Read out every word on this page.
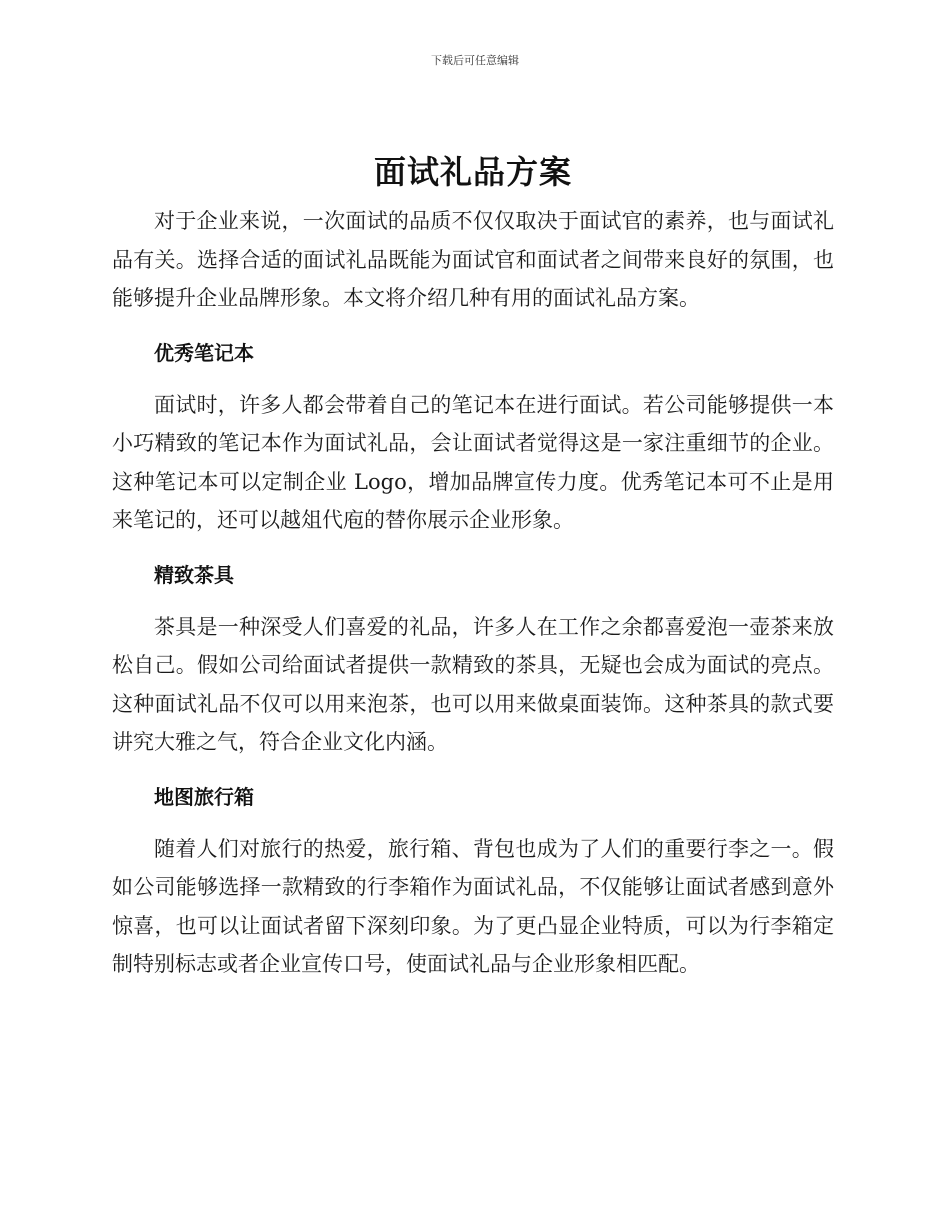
下载后可任意编辑
面试礼品方案

对于企业来说，一次面试的品质不仅仅取决于面试官的素养，也与面试礼品有关。选择合适的面试礼品既能为面试官和面试者之间带来良好的氛围，也能够提升企业品牌形象。本文将介绍几种有用的面试礼品方案。

优秀笔记本

面试时，许多人都会带着自己的笔记本在进行面试。若公司能够提供一本小巧精致的笔记本作为面试礼品，会让面试者觉得这是一家注重细节的企业。这种笔记本可以定制企业 Logo，增加品牌宣传力度。优秀笔记本可不止是用来笔记的，还可以越俎代庖的替你展示企业形象。

精致茶具

茶具是一种深受人们喜爱的礼品，许多人在工作之余都喜爱泡一壶茶来放松自己。假如公司给面试者提供一款精致的茶具，无疑也会成为面试的亮点。这种面试礼品不仅可以用来泡茶，也可以用来做桌面装饰。这种茶具的款式要讲究大雅之气，符合企业文化内涵。

地图旅行箱

随着人们对旅行的热爱，旅行箱、背包也成为了人们的重要行李之一。假如公司能够选择一款精致的行李箱作为面试礼品，不仅能够让面试者感到意外惊喜，也可以让面试者留下深刻印象。为了更凸显企业特质，可以为行李箱定制特别标志或者企业宣传口号，使面试礼品与企业形象相匹配。
